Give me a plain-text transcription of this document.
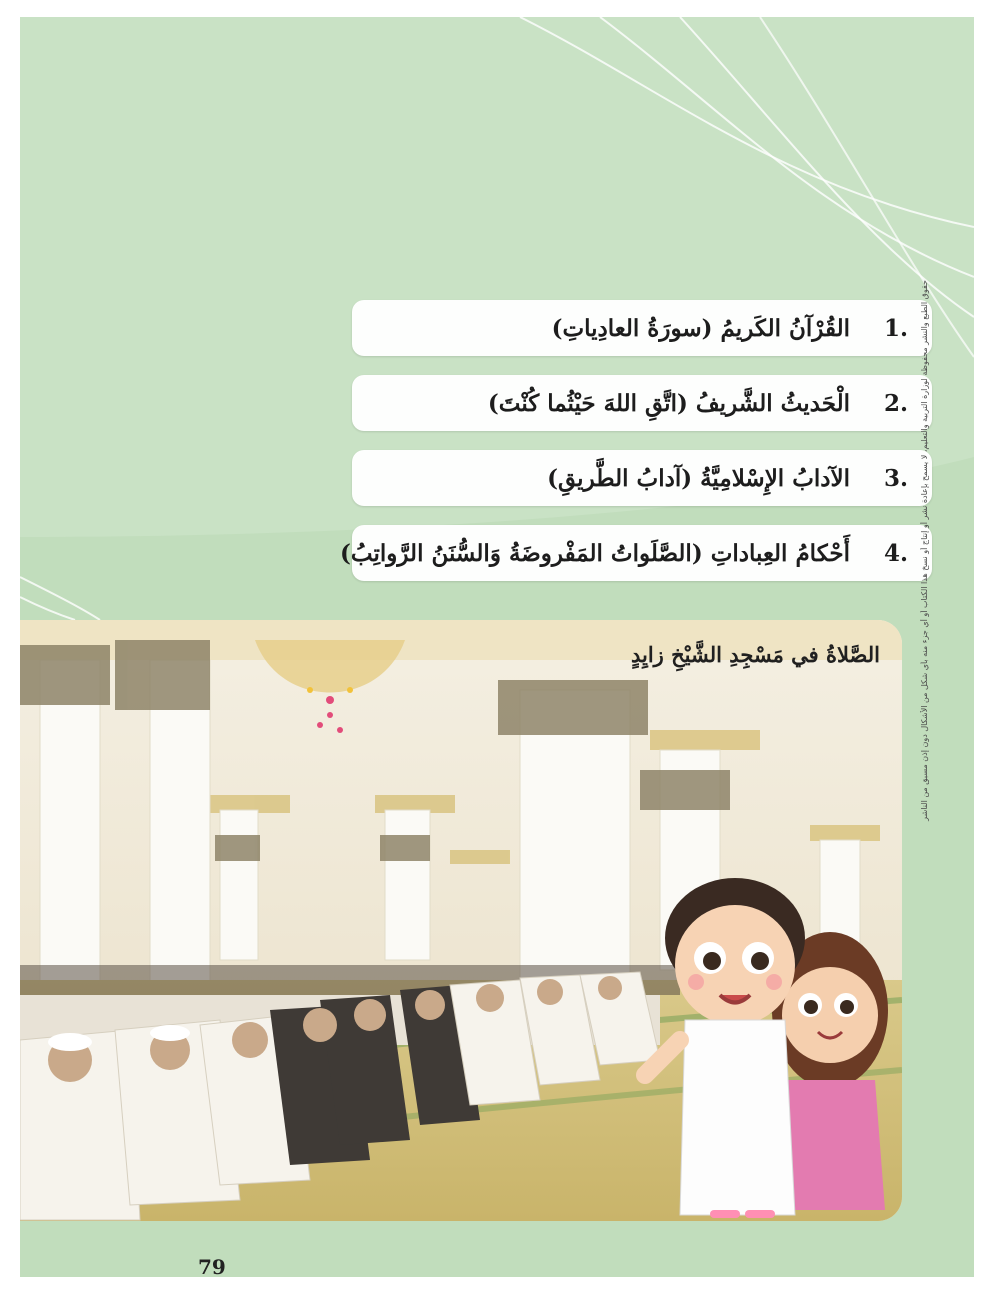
1.
القُرْآنُ الكَريمُ (سورَةُ العادِياتِ)
2.
الْحَديثُ الشَّريفُ (اتَّقِ اللهَ حَيْثُما كُنْتَ)
3.
الآدابُ الإِسْلامِيَّةُ (آدابُ الطَّريقِ)
4.
أَحْكامُ العِباداتِ (الصَّلَواتُ المَفْروضَةُ وَالسُّنَنُ الرَّواتِبُ)
الصَّلاةُ في مَسْجِدِ الشَّيْخِ زايِدٍ
79
حقوق الطبع والنشر محفوظة لوزارة التربية والتعليم، لا يسمح بإعادة نشر أو إنتاج أو نسخ هذا الكتاب أو أي جزء منه بأي شكل من الأشكال دون إذن مسبق من الناشر
